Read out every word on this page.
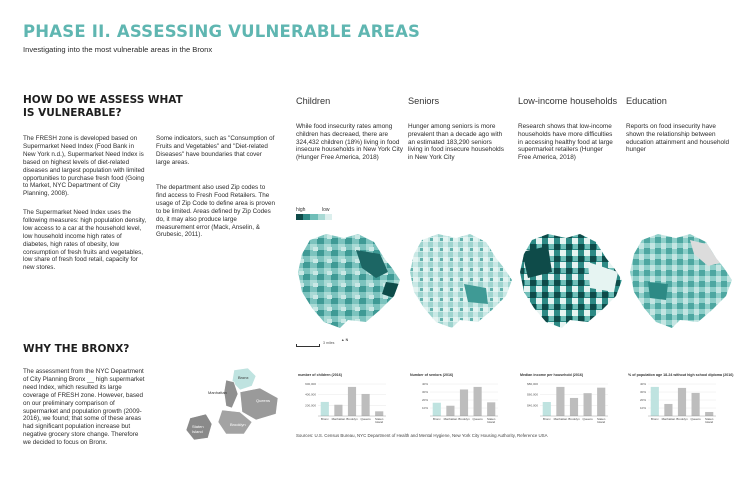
PHASE II. ASSESSING VULNERABLE AREAS
Investigating into the most vulnerable areas in the Bronx
HOW DO WE ASSESS WHAT
IS VULNERABLE?
The FRESH zone is developed based on Supermarket Need Index (Food Bank in New York n.d.), Supermarket Need Index is based on highest levels of diet-related diseases and largest population with limited opportunities to purchase fresh food (Going to Market, NYC Department of City Planning, 2008).
The Supermarket Need Index uses the following measures: high population density, low access to a car at the household level, low household income high rates of diabetes, high rates of obesity, low consumption of fresh fruits and vegetables, low share of fresh food retail, capacity for new stores.
Some indicators, such as "Consumption of Fruits and Vegetables" and "Diet-related Diseases" have boundaries that cover large areas.
The department also used Zip codes to find access to Fresh Food Retailers. The usage of Zip Code to define area is proven to be limited. Areas defined by Zip Codes do, it may also produce large measurement error (Mack, Anselin, & Grubesic, 2011).
Children	Seniors	Low-income households Education
While food insecurity rates among children has decreaed, there are 324,432 children (18%) living in food insecure households in New York City (Hunger Free America, 2018)
Hunger among seniors is more prevalent than a decade ago with an estimated 183,290 seniors living in food insecure households in New York City
Research shows that low-income households have more difficulties in accessing healthy food at large supermarket retailers (Hunger Free America, 2018)
Reports on food insecurity have shown the relationship between education attainment and household hunger
high	low
3 miles
▲ N
WHY THE BRONX?
The assessment from the NYC Department of City Planning Bronx __ high supermarket need Index, which resulted its large coverage of FRESH zone. However, based on our preliminary comparison of supermarket and population growth (2009-2016), we found; that some of these areas had significant population increase but negative grocery store change. Therefore we decided to focus on Bronx.
Bronx
Manhattan
Queens
Brooklyn
Staten
Island
number of children (2016)
600,000
400,000
200,000
Bronx Manhattan Brooklyn Queens Staten
Island
Number of seniors (2016)
40%
30%
20%
10%
Bronx Manhattan Brooklyn Queens Staten
Island
Median income per household (2016)
$80,000
$60,000
$40,000
Bronx Manhattan Brooklyn Queens Staten
Island
% of population age 18-24 without high school diploma (2016)
40%
30%
20%
10%
Bronx Manhattan Brooklyn Queens Staten
Island
Sources: U.S. Census Bureau, NYC Department of Health and Mental Hygiene, New York City Housing Authority, Reference USA
